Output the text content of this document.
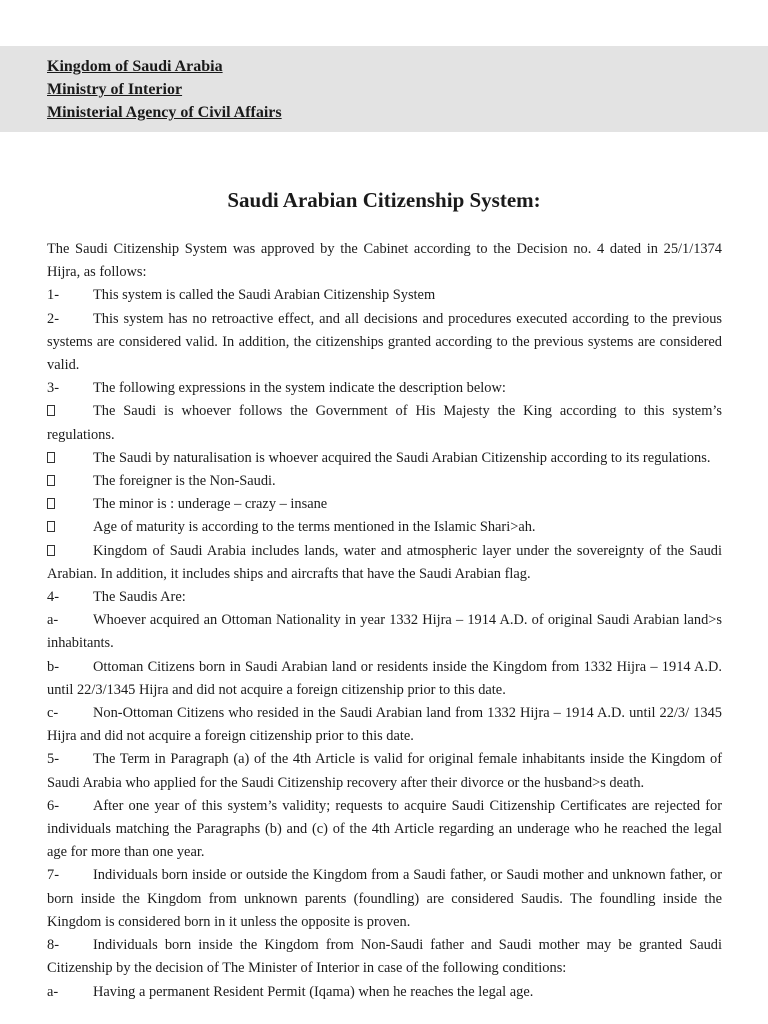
Kingdom of Saudi Arabia
Ministry of Interior
Ministerial Agency of Civil Affairs
Saudi Arabian Citizenship System:

The Saudi Citizenship System was approved by the Cabinet according to the Decision no. 4 dated in 25/1/1374 Hijra, as follows:

1- This system is called the Saudi Arabian Citizenship System

2- This system has no retroactive effect, and all decisions and procedures executed according to the previous systems are considered valid. In addition, the citizenships granted according to the previous systems are considered valid.

3- The following expressions in the system indicate the description below:

The Saudi is whoever follows the Government of His Majesty the King according to this system’s regulations.

The Saudi by naturalisation is whoever acquired the Saudi Arabian Citizenship according to its regulations.

The foreigner is the Non-Saudi.

The minor is : underage – crazy – insane

Age of maturity is according to the terms mentioned in the Islamic Shari>ah.

Kingdom of Saudi Arabia includes lands, water and atmospheric layer under the sovereignty of the Saudi Arabian. In addition, it includes ships and aircrafts that have the Saudi Arabian flag.

4- The Saudis Are:

a- Whoever acquired an Ottoman Nationality in year 1332 Hijra – 1914 A.D. of original Saudi Arabian land>s inhabitants.

b- Ottoman Citizens born in Saudi Arabian land or residents inside the Kingdom from 1332 Hijra – 1914 A.D. until 22/3/1345 Hijra and did not acquire a foreign citizenship prior to this date.

c- Non-Ottoman Citizens who resided in the Saudi Arabian land from 1332 Hijra – 1914 A.D. until 22/3/ 1345 Hijra and did not acquire a foreign citizenship prior to this date.

5- The Term in Paragraph (a) of the 4th Article is valid for original female inhabitants inside the Kingdom of Saudi Arabia who applied for the Saudi Citizenship recovery after their divorce or the husband>s death.

6- After one year of this system’s validity; requests to acquire Saudi Citizenship Certificates are rejected for individuals matching the Paragraphs (b) and (c) of the 4th Article regarding an underage who he reached the legal age for more than one year.

7- Individuals born inside or outside the Kingdom from a Saudi father, or Saudi mother and unknown father, or born inside the Kingdom from unknown parents (foundling) are considered Saudis. The foundling inside the Kingdom is considered born in it unless the opposite is proven.

8- Individuals born inside the Kingdom from Non-Saudi father and Saudi mother may be granted Saudi Citizenship by the decision of The Minister of Interior in case of the following conditions:

a- Having a permanent Resident Permit (Iqama) when he reaches the legal age.
